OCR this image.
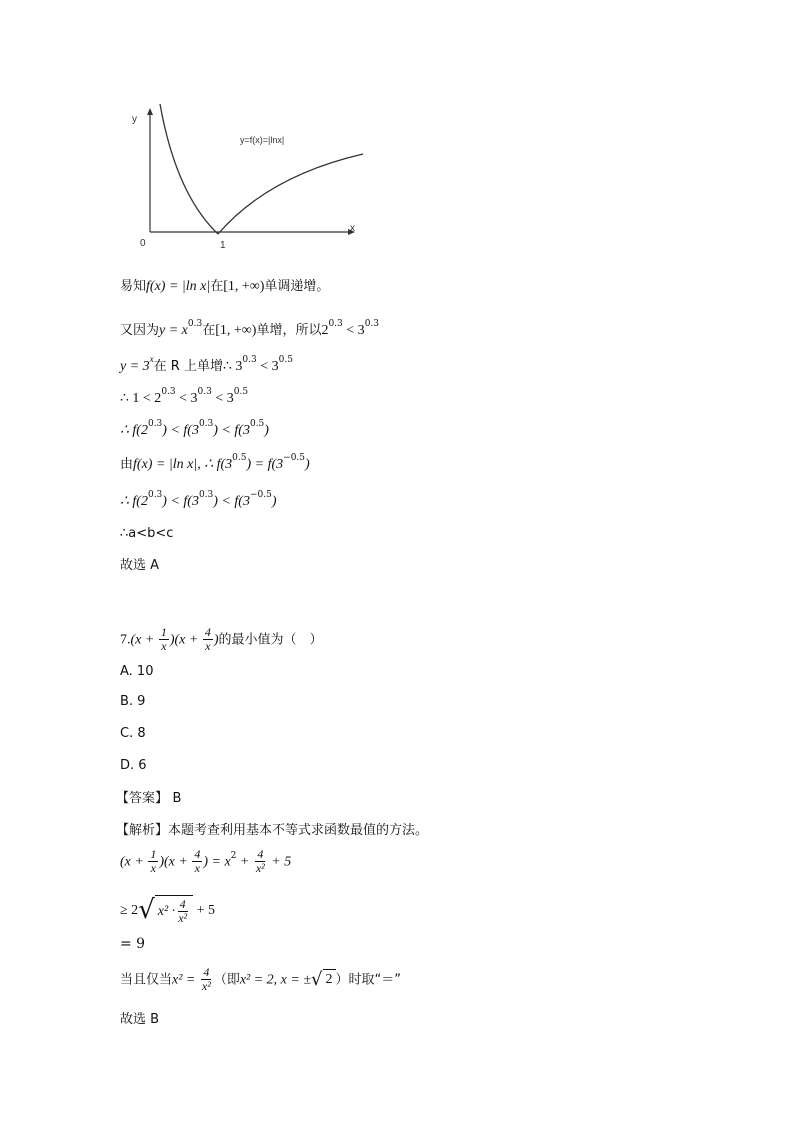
y
x
0	1
y=f(x)=|lnx|
易知f(x) = |ln x|在[1, +∞)单调递增。
又因为$y = x^{0.3}$在[1, +∞)单增，所以$2^{0.3} < 3^{0.3}$
$y = 3^x$在 R 上单增∴ $3^{0.3} < 3^{0.5}$
∴ $1 < 2^{0.3} < 3^{0.3} < 3^{0.5}$
∴ $f(2^{0.3}) < f(3^{0.3}) < f(3^{0.5})$
由f(x) = |ln x|, ∴ $f(3^{0.5}) = f(3^{-0.5})$
∴ $f(2^{0.3}) < f(3^{0.3}) < f(3^{-0.5})$
∴a<b<c
故选 A
$7.(x + \frac{1}{x} )(x + \frac{4}{x}$ )的最小值为（　）
A. 10
B. 9
C. 8
D. 6
【答案】 B
【解析】本题考查利用基本不等式求函数最值的方法。
$(x + \frac{1}{x} )(x + \frac{4}{x}$ ) = $x^2 + \frac{4}{\text{x²}} + 5$
≥ 2 √ $x^2 \cdot \frac{4}{\text{x²}} + 5$
= 9
当且仅当$x^2 = \frac{4}{\text{x²}}$ （即x² = 2, x = ± √ 2 ）时取“＝”
故选 B
